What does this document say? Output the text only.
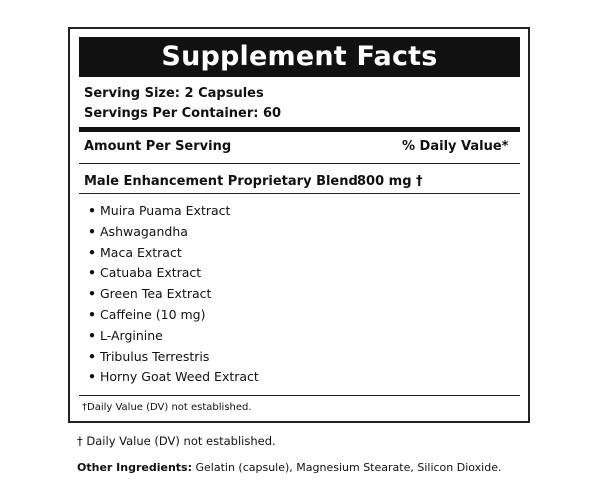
Supplement Facts
Serving Size: 2 Capsules
Servings Per Container: 60
Amount Per Serving	% Daily Value*
Male Enhancement Proprietary Blend 800 mg †
• Muira Puama Extract
• Ashwagandha
• Maca Extract
• Catuaba Extract
• Green Tea Extract
• Caffeine (10 mg)
• L-Arginine
• Tribulus Terrestris
• Horny Goat Weed Extract
†Daily Value (DV) not established.
† Daily Value (DV) not established.
Other Ingredients: Gelatin (capsule), Magnesium Stearate, Silicon Dioxide.
